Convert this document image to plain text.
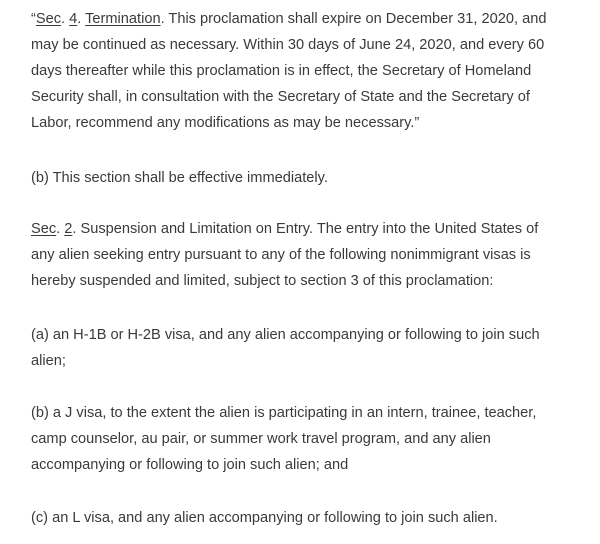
“Sec. 4. Termination. This proclamation shall expire on December 31, 2020, and
may be continued as necessary. Within 30 days of June 24, 2020, and every 60
days thereafter while this proclamation is in effect, the Secretary of Homeland
Security shall, in consultation with the Secretary of State and the Secretary of
Labor, recommend any modifications as may be necessary.”

(b) This section shall be effective immediately.

Sec. 2. Suspension and Limitation on Entry. The entry into the United States of
any alien seeking entry pursuant to any of the following nonimmigrant visas is
hereby suspended and limited, subject to section 3 of this proclamation:

(a) an H-1B or H-2B visa, and any alien accompanying or following to join such
alien;

(b) a J visa, to the extent the alien is participating in an intern, trainee, teacher,
camp counselor, au pair, or summer work travel program, and any alien
accompanying or following to join such alien; and

(c) an L visa, and any alien accompanying or following to join such alien.
